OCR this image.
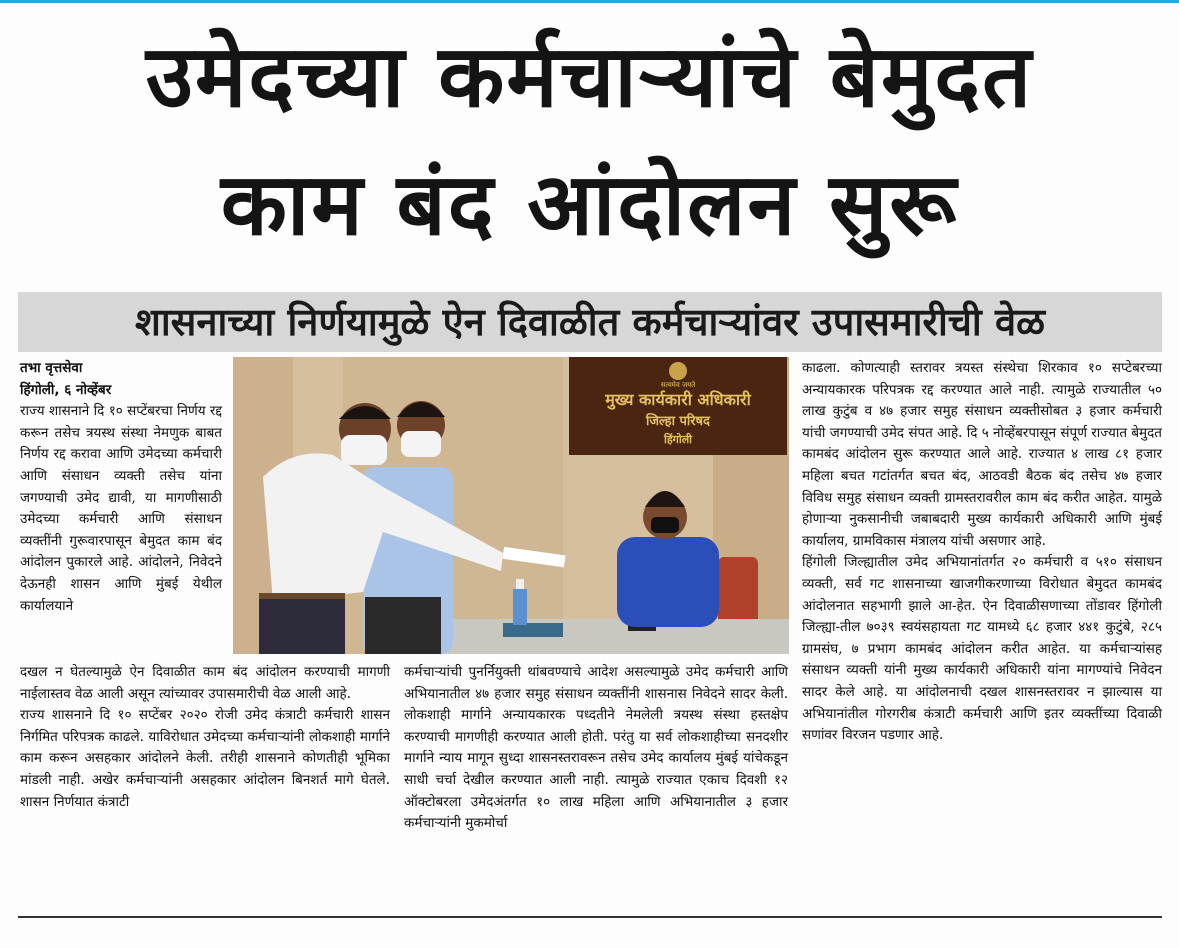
उमेदच्या कर्मचाऱ्यांचे बेमुदत
काम बंद आंदोलन सुरू
शासनाच्या निर्णयामुळे ऐन दिवाळीत कर्मचाऱ्यांवर उपासमारीची वेळ
तभा वृत्तसेवा
हिंगोली, ६ नोव्हेंबर

राज्य शासनाने दि १० सप्टेंबरचा निर्णय रद्द करून तसेच त्रयस्थ संस्था नेमणुक बाबत निर्णय रद्द करावा आणि उमेदच्या कर्मचारी आणि संसाधन व्यक्ती तसेच यांना जगण्याची उमेद द्यावी, या मागणीसाठी उमेदच्या कर्मचारी आणि संसाधन व्यक्तींनी गुरूवारपासून बेमुदत काम बंद आंदोलन पुकारले आहे. आंदोलने, निवेदने देऊनही शासन आणि मुंबई येथील कार्यालयाने

सत्यमेव जयते
मुख्य कार्यकारी अधिकारी
जिल्हा परिषद
हिंगोली

दखल न घेतल्यामुळे ऐन दिवाळीत काम बंद आंदोलन करण्याची मागणी नाईलास्तव वेळ आली असून त्यांच्यावर उपासमारीची वेळ आली आहे.

राज्य शासनाने दि १० सप्टेंबर २०२० रोजी उमेद कंत्राटी कर्मचारी शासन निर्गमित परिपत्रक काढले. याविरोधात उमेदच्या कर्मचाऱ्यांनी लोकशाही मार्गाने काम करून असहकार आंदोलने केली. तरीही शासनाने कोणतीही भूमिका मांडली नाही. अखेर कर्मचाऱ्यांनी असहकार आंदोलन बिनशर्त मागे घेतले. शासन निर्णयात कंत्राटी

कर्मचाऱ्यांची पुनर्नियुक्ती थांबवण्याचे आदेश असल्यामुळे उमेद कर्मचारी आणि अभियानातील ४७ हजार समुह संसाधन व्यक्तींनी शासनास निवेदने सादर केली. लोकशाही मार्गाने अन्यायकारक पध्दतीने नेमलेली त्रयस्थ संस्था हस्तक्षेप करण्याची मागणीही करण्यात आली होती. परंतु या सर्व लोकशाहीच्या सनदशीर मार्गाने न्याय मागून सुध्दा शासनस्तरावरून तसेच उमेद कार्यालय मुंबई यांचेकडून साधी चर्चा देखील करण्यात आली नाही. त्यामुळे राज्यात एकाच दिवशी १२ ऑक्टोबरला उमेदअंतर्गत १० लाख महिला आणि अभियानातील ३ हजार कर्मचाऱ्यांनी मुकमोर्चा

काढला. कोणत्याही स्तरावर त्रयस्त संस्थेचा शिरकाव १० सप्टेबरच्या अन्यायकारक परिपत्रक रद्द करण्यात आले नाही. त्यामुळे राज्यातील ५० लाख कुटुंब व ४७ हजार समुह संसाधन व्यक्तीसोबत ३ हजार कर्मचारी यांची जगण्याची उमेद संपत आहे. दि ५ नोव्हेंबरपासून संपूर्ण राज्यात बेमुदत कामबंद आंदोलन सुरू करण्यात आले आहे. राज्यात ४ लाख ८१ हजार महिला बचत गटांतर्गत बचत बंद, आठवडी बैठक बंद तसेच ४७ हजार विविध समुह संसाधन व्यक्ती ग्रामस्तरावरील काम बंद करीत आहेत. यामुळे होणाऱ्या नुकसानीची जबाबदारी मुख्य कार्यकारी अधिकारी आणि मुंबई कार्यालय, ग्रामविकास मंत्रालय यांची असणार आहे.

हिंगोली जिल्ह्यातील उमेद अभियानांतर्गत २० कर्मचारी व ५१० संसाधन व्यक्ती, सर्व गट शासनाच्या खाजगीकरणाच्या विरोधात बेमुदत कामबंद आंदोलनात सहभागी झाले आ-हेत. ऐन दिवाळीसणाच्या तोंडावर हिंगोली जिल्ह्या-तील ७०३९ स्वयंसहायता गट यामध्ये ६८ हजार ४४१ कुटुंबे, २८५ ग्रामसंघ, ७ प्रभाग कामबंद आंदोलन करीत आहेत. या कर्मचाऱ्यांसह संसाधन व्यक्ती यांनी मुख्य कार्यकारी अधिकारी यांना मागण्यांचे निवेदन सादर केले आहे. या आंदोलनाची दखल शासनस्तरावर न झाल्यास या अभियानांतील गोरगरीब कंत्राटी कर्मचारी आणि इतर व्यक्तींच्या दिवाळी सणांवर विरजन पडणार आहे.
